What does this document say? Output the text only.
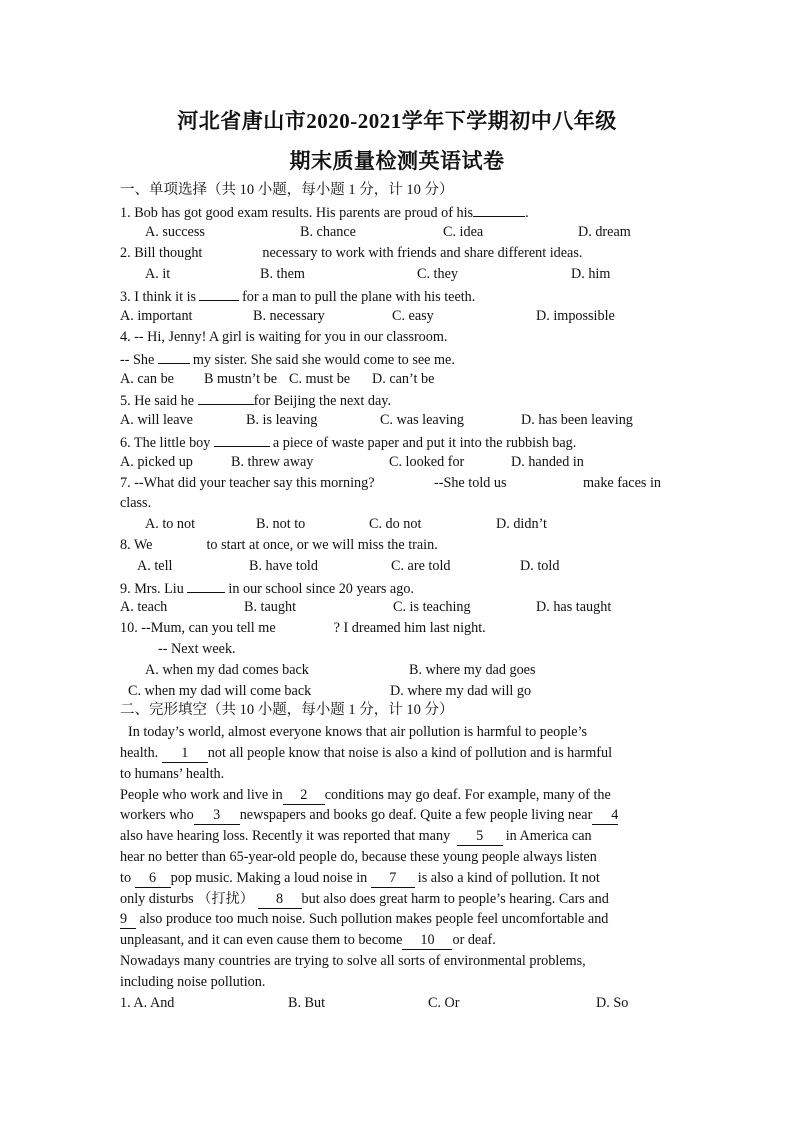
河北省唐山市2020-2021学年下学期初中八年级
期末质量检测英语试卷
一、单项选择（共 10 小题，每小题 1 分，计 10 分）
1. Bob has got good exam results. His parents are proud of his	.
A. success	B. chance	C. idea	D. dream
2. Bill thought	necessary to work with friends and share different ideas.
A. it	B. them	C. they	D. him
3. I think it is	for a man to pull the plane with his teeth.
A. important	B. necessary	C. easy	D. impossible
4. -- Hi, Jenny! A girl is waiting for you in our classroom.
-- She	my sister. She said she would come to see me.
A. can be B mustn’t be C. must be D. can’t be
5. He said he	for Beijing the next day.
A. will leave	B. is leaving	C. was leaving	D. has been leaving
6. The little boy	a piece of waste paper and put it into the rubbish bag.
A. picked up	B. threw away	C. looked for	D. handed in
7. --What did your teacher say this morning?	--She told us	make faces in
class.
A. to not	B. not to	C. do not	D. didn’t
8. We	to start at once, or we will miss the train.
A. tell	B. have told	C. are told	D. told
9. Mrs. Liu	in our school since 20 years ago.
A. teach	B. taught	C. is teaching	D. has taught
10. --Mum, can you tell me	? I dreamed him last night.
-- Next week.
A. when my dad comes back	B. where my dad goes
C. when my dad will come back	D. where my dad will go
二、完形填空（共 10 小题，每小题 1 分，计 10 分）
In today’s world, almost everyone knows that air pollution is harmful to people’s
health. 1 not all people know that noise is also a kind of pollution and is harmful
to humans’ health.
People who work and live in 2 conditions may go deaf. For example, many of the
workers who 3 newspapers and books go deaf. Quite a few people living near 4
also have hearing loss. Recently it was reported that many 5 in America can
hear no better than 65-year-old people do, because these young people always listen
to 6 pop music. Making a loud noise in 7 is also a kind of pollution. It not
only disturbs （打扰） 8 but also does great harm to people’s hearing. Cars and
9 also produce too much noise. Such pollution makes people feel uncomfortable and
unpleasant, and it can even cause them to become 10 or deaf.
Nowadays many countries are trying to solve all sorts of environmental problems,
including noise pollution.
1. A. And	B. But	C. Or	D. So
